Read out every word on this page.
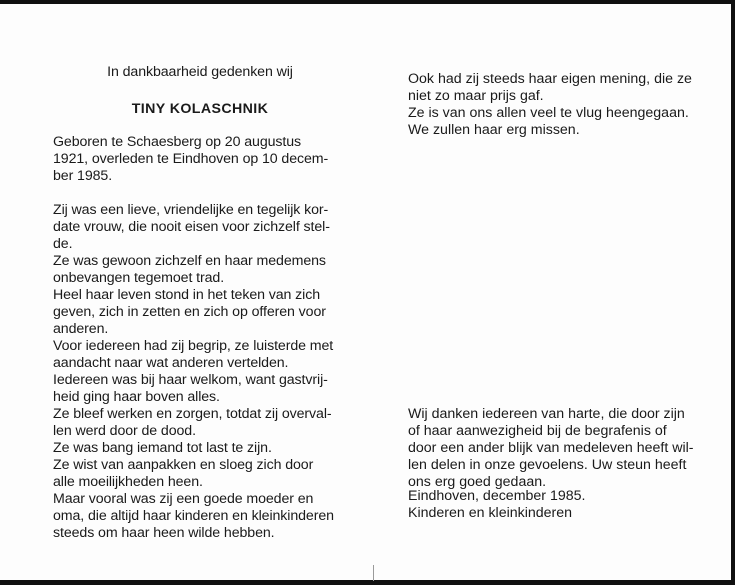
In dankbaarheid gedenken wij

TINY KOLASCHNIK

Geboren te Schaesberg op 20 augustus
1921, overleden te Eindhoven op 10 decem-
ber 1985.
Zij was een lieve, vriendelijke en tegelijk kor-
date vrouw, die nooit eisen voor zichzelf stel-
de.
Ze was gewoon zichzelf en haar medemens
onbevangen tegemoet trad.
Heel haar leven stond in het teken van zich
geven, zich in zetten en zich op offeren voor
anderen.
Voor iedereen had zij begrip, ze luisterde met
aandacht naar wat anderen vertelden.
Iedereen was bij haar welkom, want gastvrij-
heid ging haar boven alles.
Ze bleef werken en zorgen, totdat zij overval-
len werd door de dood.
Ze was bang iemand tot last te zijn.
Ze wist van aanpakken en sloeg zich door
alle moeilijkheden heen.
Maar vooral was zij een goede moeder en
oma, die altijd haar kinderen en kleinkinderen
steeds om haar heen wilde hebben.
Ook had zij steeds haar eigen mening, die ze
niet zo maar prijs gaf.
Ze is van ons allen veel te vlug heengegaan.
We zullen haar erg missen.
Wij danken iedereen van harte, die door zijn
of haar aanwezigheid bij de begrafenis of
door een ander blijk van medeleven heeft wil-
len delen in onze gevoelens. Uw steun heeft
ons erg goed gedaan.
Eindhoven, december 1985.
Kinderen en kleinkinderen
